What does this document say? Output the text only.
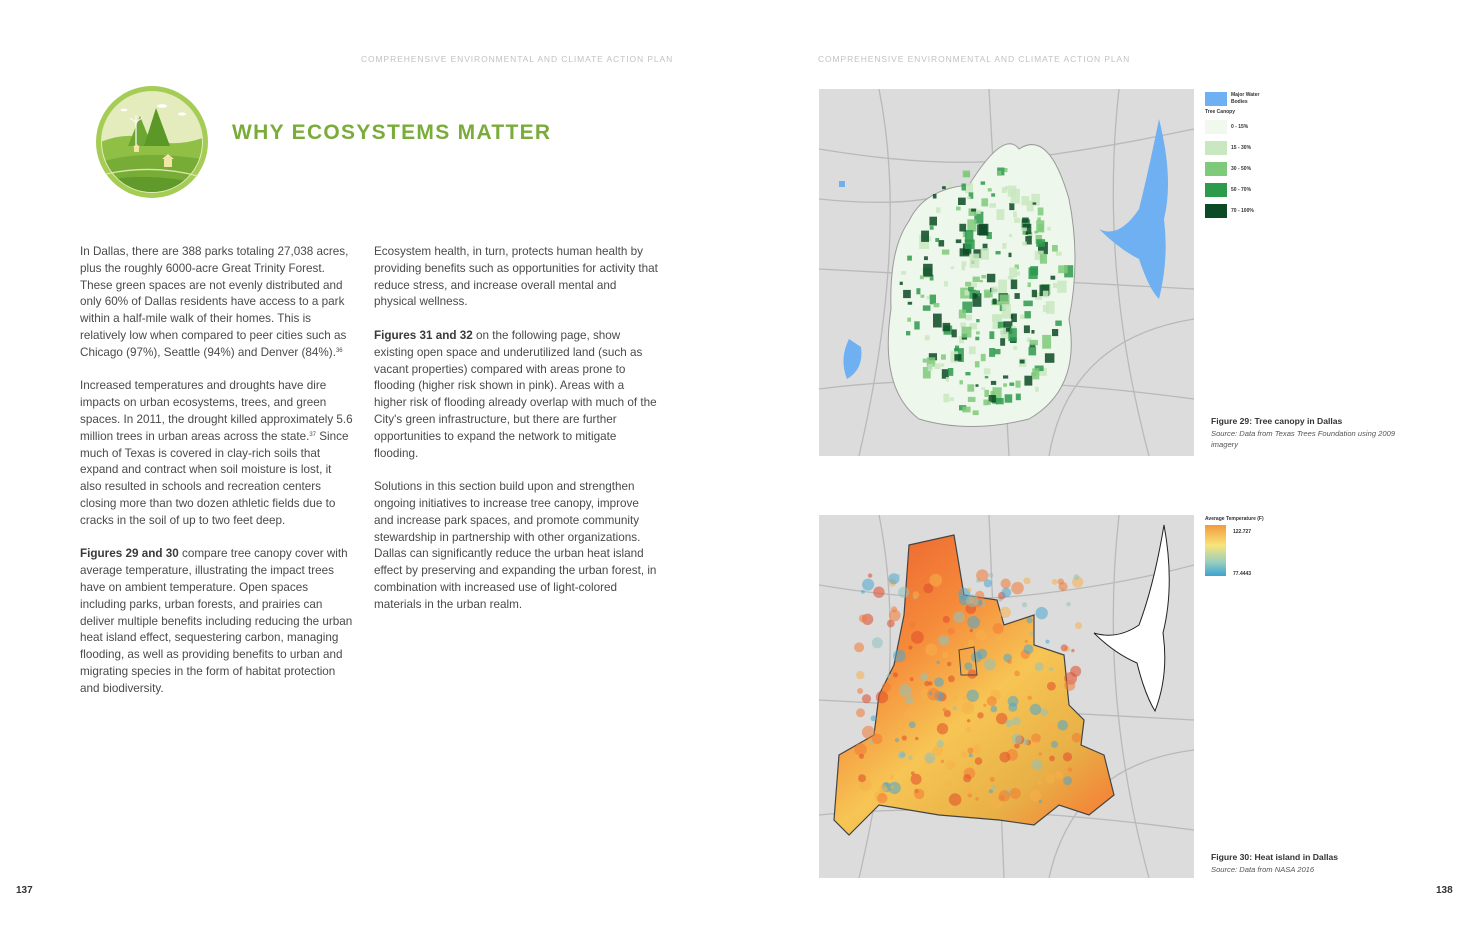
COMPREHENSIVE ENVIRONMENTAL AND CLIMATE ACTION PLAN	COMPREHENSIVE ENVIRONMENTAL AND CLIMATE ACTION PLAN
WHY ECOSYSTEMS MATTER

In Dallas, there are 388 parks totaling 27,038 acres, plus the roughly 6000-acre Great Trinity Forest. These green spaces are not evenly distributed and only 60% of Dallas residents have access to a park within a half-mile walk of their homes. This is relatively low when compared to peer cities such as Chicago (97%), Seattle (94%) and Denver (84%).$^{36}$

Increased temperatures and droughts have dire impacts on urban ecosystems, trees, and green spaces. In 2011, the drought killed approximately 5.6 million trees in urban areas across the state.$^{37}$ Since much of Texas is covered in clay-rich soils that expand and contract when soil moisture is lost, it also resulted in schools and recreation centers closing more than two dozen athletic fields due to cracks in the soil of up to two feet deep.

Figures 29 and 30 compare tree canopy cover with average temperature, illustrating the impact trees have on ambient temperature. Open spaces including parks, urban forests, and prairies can deliver multiple benefits including reducing the urban heat island effect, sequestering carbon, managing flooding, as well as providing benefits to urban and migrating species in the form of habitat protection and biodiversity.

Ecosystem health, in turn, protects human health by providing benefits such as opportunities for activity that reduce stress, and increase overall mental and physical wellness.

Figures 31 and 32 on the following page, show existing open space and underutilized land (such as vacant properties) compared with areas prone to flooding (higher risk shown in pink). Areas with a higher risk of flooding already overlap with much of the City's green infrastructure, but there are further opportunities to expand the network to mitigate flooding.

Solutions in this section build upon and strengthen ongoing initiatives to increase tree canopy, improve and increase park spaces, and promote community stewardship in partnership with other organizations. Dallas can significantly reduce the urban heat island effect by preserving and expanding the urban forest, in combination with increased use of light-colored materials in the urban realm.

Major Water Bodies
Tree Canopy
0 - 15%
15 - 30%
30 - 50%
50 - 70%
70 - 100%
Figure 29: Tree canopy in Dallas
Source: Data from Texas Trees Foundation using 2009 imagery
Average Temperature (F)
122.727
77.4443
Figure 30: Heat island in Dallas
Source: Data from NASA 2016
137	138
